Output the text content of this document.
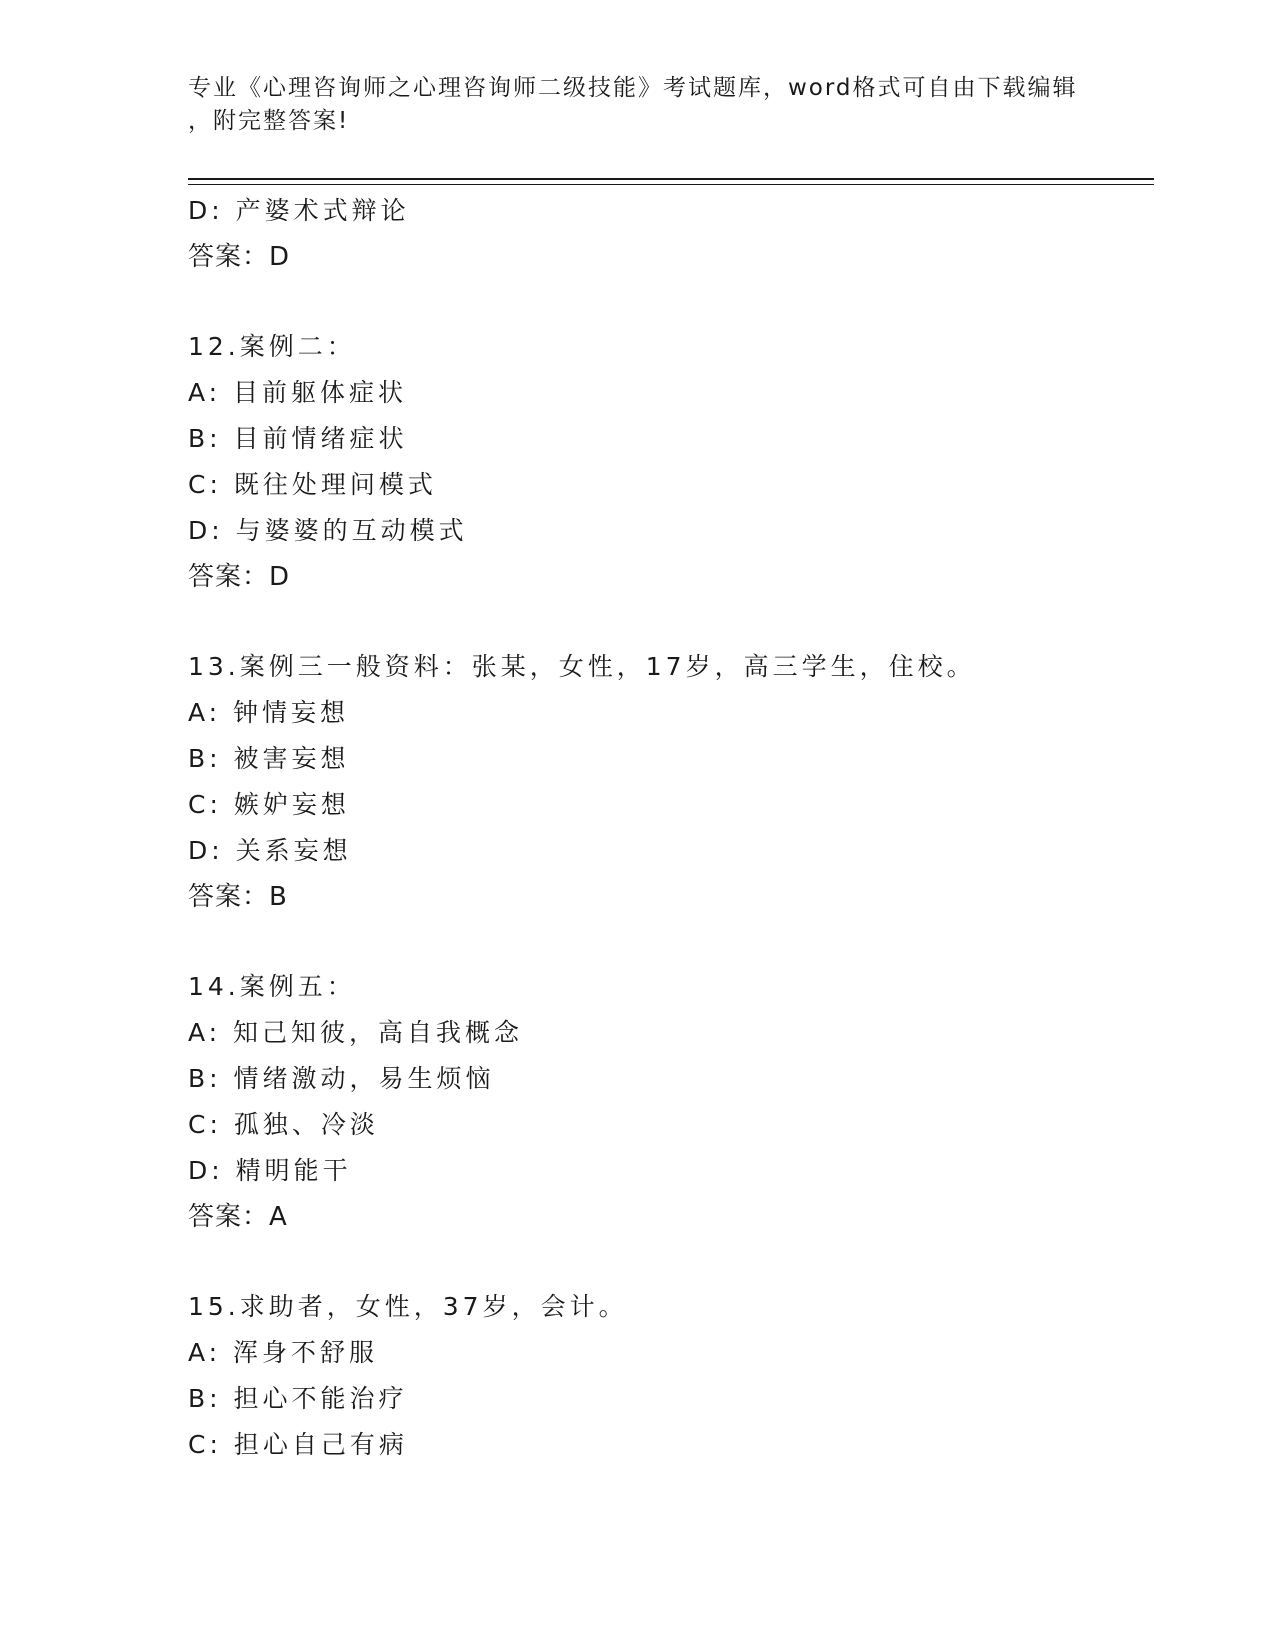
专业《心理咨询师之心理咨询师二级技能》考试题库，word格式可自由下载编辑
，附完整答案!
D: 产婆术式辩论
答案：D
12.案例二：
A: 目前躯体症状
B: 目前情绪症状
C: 既往处理问模式
D: 与婆婆的互动模式
答案：D
13.案例三一般资料：张某，女性，17岁，高三学生，住校。
A: 钟情妄想
B: 被害妄想
C: 嫉妒妄想
D: 关系妄想
答案：B
14.案例五：
A: 知己知彼，高自我概念
B: 情绪激动，易生烦恼
C: 孤独、冷淡
D: 精明能干
答案：A
15.求助者，女性，37岁，会计。
A: 浑身不舒服
B: 担心不能治疗
C: 担心自己有病
